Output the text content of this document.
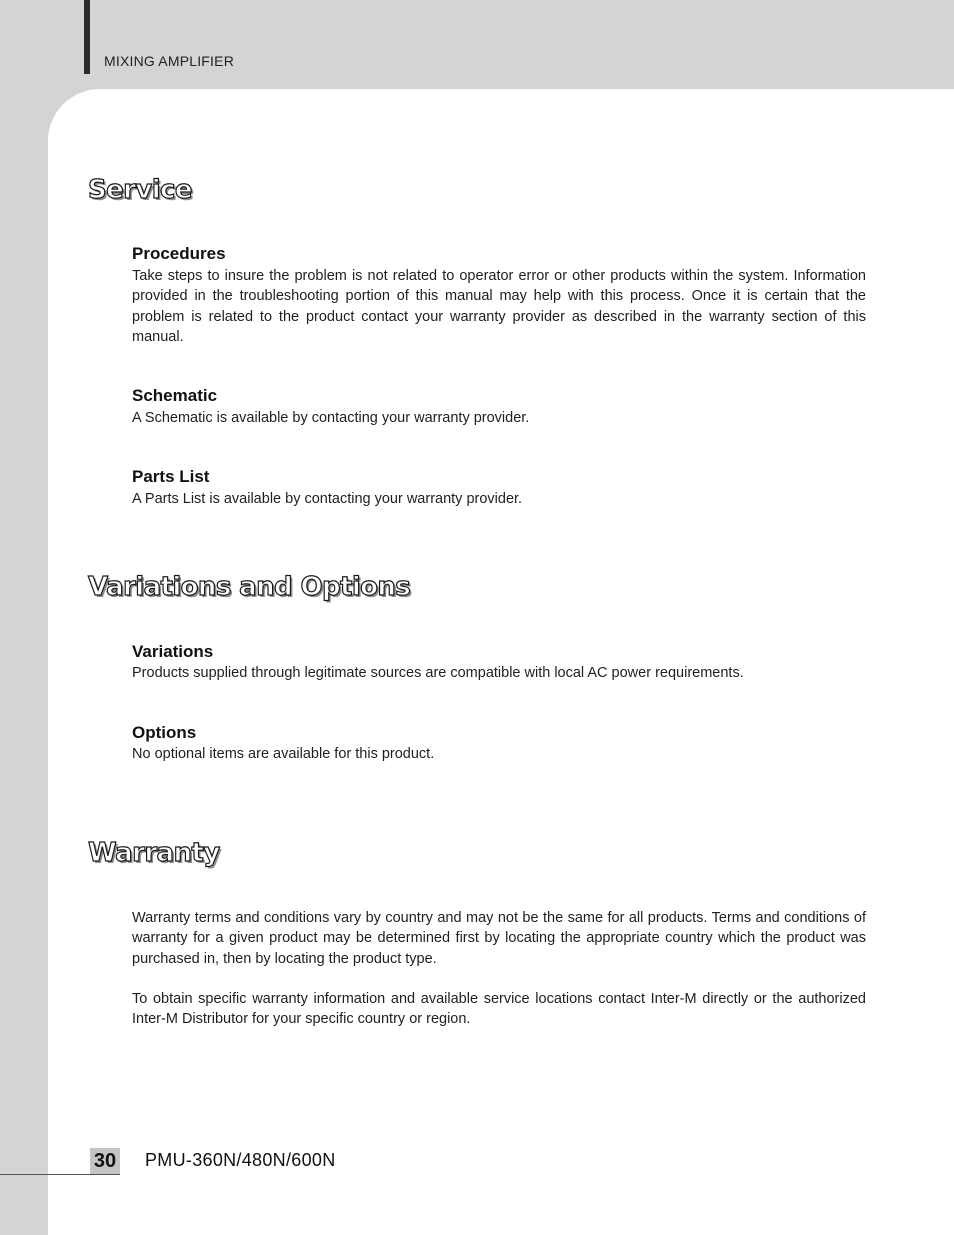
MIXING AMPLIFIER
Service
Procedures

Take steps to insure the problem is not related to operator error or other products within the system. Information provided in the troubleshooting portion of this manual may help with this process. Once it is certain that the problem is related to the product contact your warranty provider as described in the warranty section of this manual.

Schematic

A Schematic is available by contacting your warranty provider.

Parts List

A Parts List is available by contacting your warranty provider.

Variations and Options
Variations

Products supplied through legitimate sources are compatible with local AC power requirements.

Options

No optional items are available for this product.

Warranty

Warranty terms and conditions vary by country and may not be the same for all products. Terms and conditions of warranty for a given product may be determined first by locating the appropriate country which the product was purchased in, then by locating the product type.

To obtain specific warranty information and available service locations contact Inter-M directly or the authorized Inter-M Distributor for your specific country or region.

30 PMU-360N/480N/600N
